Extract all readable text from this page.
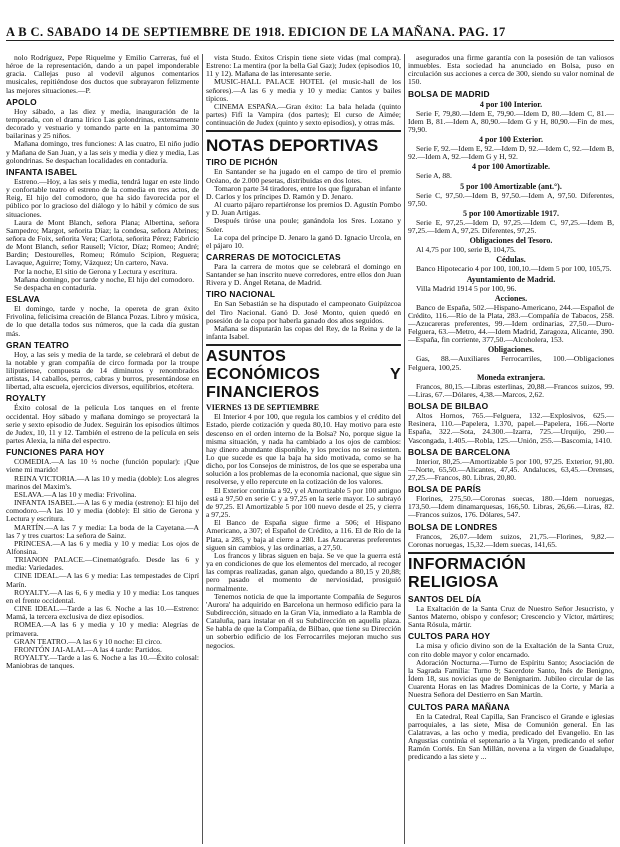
A B C. SABADO 14 DE SEPTIEMBRE DE 1918. EDICION DE LA MAÑANA. PAG. 17

nolo Rodríguez, Pepe Riquelme y Emilio Carreras, fué el héroe de la representación, dando a un papel imponderable gracia. Callejas puso al vodevil algunos comentarios musicales, repitiéndose dos ductos que subrayaron felizmente las mejores situaciones.—P.

APOLO

Hoy sábado, a las diez y media, inauguración de la temporada, con el drama lírico Las golondrinas, extensamente decorado y vestuario y tomando parte en la pantomima 30 bailarinas y 25 niños.

Mañana domingo, tres funciones: A las cuatro, El niño judío y Mañana de San Juan, y a las seis y media y diez y media, Las golondrinas. Se despachan localidades en contaduría.

INFANTA ISABEL

Estreno.—Hoy, a las seis y media, tendrá lugar en este lindo y confortable teatro el estreno de la comedia en tres actos, de Reig, El hijo del comodoro, que ha sido favorecida por el público por lo gracioso del diálogo y lo hábil y cómico de sus situaciones.

Laura de Mont Blanch, señora Plana; Albertina, señora Sampedro; Margot, señorita Díaz; la condesa, señora Abrines; señora de Foix, señorita Vera; Carlota, señorita Pérez; Fabricio de Mont Blanch, señor Rausell; Víctor, Díaz; Romeo; André; Bardin; Destourelles, Romeu; Rómulo Scipion, Reguera; Lavaque, Aguirre; Tomy, Vázquez; Un cartero, Nava.

Por la noche, El sitio de Gerona y Lectura y escritura.

Mañana domingo, por tarde y noche, El hijo del comodoro.

Se despacha en contaduría.

ESLAVA

El domingo, tarde y noche, la opereta de gran éxito Frivolina, felicísima creación de Blanca Pozas. Libro y música, de lo que detalla todos sus números, que la cada día gustan más.

GRAN TEATRO

Hoy, a las seis y media de la tarde, se celebrará el debut de la notable y gran compañía de circo formada por la troupe liliputiense, compuesta de 14 diminutos y renombrados artistas, 14 caballos, perros, cabras y burros, presentándose en libertad, alta escuela, ejercicios diversos, equilibrios, etcétera.

ROYALTY

Éxito colosal de la película Los tanques en el frente occidental. Hoy sábado y mañana domingo se proyectará la serie y sexto episodio de Judex. Seguirán los episodios últimos de Judex, 10, 11 y 12. También el estreno de la película en seis partes Alexia, la niña del espectro.

FUNCIONES PARA HOY

COMEDIA.—A las 10 ½ noche (función popular): ¡Que viene mi marido!

REINA VICTORIA.—A las 10 y media (doble): Los alegres marinos del Maxim's.

ESLAVA.—A las 10 y media: Frivolina.

INFANTA ISABEL.—A las 6 y media (estreno): El hijo del comodoro.—A las 10 y media (doble): El sitio de Gerona y Lectura y escritura.

MARTÍN.—A las 7 y media: La boda de la Cayetana.—A las 7 y tres cuartos: La señora de Sainz.

PRINCESA.—A las 6 y media y 10 y media: Los ojos de Alfonsina.

TRIANON PALACE.—Cinematógrafo. Desde las 6 y media: Variedades.

CINE IDEAL.—A las 6 y media: Las tempestades de Ciprí Marín.

ROYALTY.—A las 6, 6 y media y 10 y media: Los tanques en el frente occidental.

CINE IDEAL.—Tarde a las 6. Noche a las 10.—Estreno: Mamá, la tercera exclusiva de diez episodios.

ROMEA.—A las 6 y media y 10 y media: Alegrías de primavera.

GRAN TEATRO.—A las 6 y 10 noche: El circo.

FRONTÓN JAI-ALAI.—A las 4 tarde: Partidos.

ROYALTY.—Tarde a las 6. Noche a las 10.—Éxito colosal: Maniobras de tanques.

vista Studo. Éxitos Crispin tiene siete vidas (mal compra). Estreno: La mentira (por la bella Gal Gaz); Judex (episodios 10, 11 y 12). Mañana de las interesante serie.

MUSIC-HALL PALACE HOTEL (el music-hall de los señores).—A las 6 y media y 10 y media: Cantos y bailes típicos.

CINEMA ESPAÑA.—Gran éxito: La bala helada (quinto partes) Fifí la Vampira (dos partes); El curso de Aimée; continuación de Judex (quinto y sexto episodios), y otras más.

NOTAS DEPORTIVAS
TIRO DE PICHÓN

En Santander se ha jugado en el campo de tiro el premio Océano, de 2.000 pesetas, distribuidas en dos lotes.

Tomaron parte 34 tiradores, entre los que figuraban el infante D. Carlos y los príncipes D. Ramón y D. Jenaro.

Al cuarto pájaro repartiéronse los premios D. Agustín Pombo y D. Juan Artigas.

Después tiróse una poule; ganándola los Sres. Lozano y Soler.

La copa del príncipe D. Jenaro la ganó D. Ignacio Urcola, en el pájaro 10.

CARRERAS DE MOTOCICLETAS

Para la carrera de motos que se celebrará el domingo en Santander se han inscrito nueve corredores, entre ellos don Juan Rivera y D. Ángel Retana, de Madrid.

TIRO NACIONAL

En San Sebastián se ha disputado el campeonato Guipúzcoa del Tiro Nacional. Ganó D. José Monto, quien quedó en posesión de la copa por haberla ganado dos años seguidos.

Mañana se disputarán las copas del Rey, de la Reina y de la infanta Isabel.

ASUNTOS ECONÓMICOS Y FINANCIEROS
VIERNES 13 DE SEPTIEMBRE

El Interior 4 por 100, que regula los cambios y el crédito del Estado, pierde cotización y queda 80,10. Hay motivo para este descenso en el orden interno de la Bolsa? No, porque sigue la misma situación, y nada ha cambiado a los ojos de cambios: hay dinero abundante disponible, y los precios no se resienten. Lo que sucede es que la baja ha sido motivada, como se ha dicho, por los Consejos de ministros, de los que se esperaba una solución a los problemas de la economía nacional, que sigue sin resolverse, y ello repercute en la cotización de los valores.

El Exterior continúa a 92, y el Amortizable 5 por 100 antiguo está a 97,50 en serie C y a 97,25 en la serie mayor. Lo subrayó de 97,25. El Amortizable 5 por 100 nuevo desde el 25, y cierra a 97,25.

El Banco de España sigue firme a 506; el Hispano Americano, a 307; el Español de Crédito, a 116. El de Río de la Plata, a 285, y baja al cierre a 280. Las Azucareras preferentes siguen sin cambios, y las ordinarias, a 27,50.

Los francos y libras siguen en baja. Se ve que la guerra está ya en condiciones de que los elementos del mercado, al recoger las compras realizadas, ganan algo, quedando a 80,15 y 20,88; pero pasado el momento de nerviosidad, prosiguió normalmente.

Tenemos noticia de que la importante Compañía de Seguros 'Aurora' ha adquirido en Barcelona un hermoso edificio para la Subdirección, situado en la Gran Vía, inmediato a la Rambla de Cataluña, para instalar en él su Subdirección en aquella plaza. Se habla de que la Compañía, de Bilbao, que tiene su Dirección un soberbio edificio de los Ferrocarriles mejoran mucho sus negocios.

asegurados una firme garantía con la posesión de tan valiosos inmuebles. Esta sociedad ha anunciado en Bolsa, puso en circulación sus acciones a cerca de 300, siendo su valor nominal de 150.

BOLSA DE MADRID
4 por 100 Interior.

Serie F, 79,80.—Idem E, 79,90.—Idem D, 80.—Idem C, 81.—Idem B, 81.—Idem A, 80,90.—Idem G y H, 80,90.—Fin de mes, 79,90.

4 por 100 Exterior.

Serie F, 92.—Idem E, 92.—Idem D, 92.—Idem C, 92.—Idem B, 92.—Idem A, 92.—Idem G y H, 92.

4 por 100 Amortizable.

Serie A, 88.

5 por 100 Amortizable (ant.°).

Serie C, 97,50.—Idem B, 97,50.—Idem A, 97,50. Diferentes, 97,50.

5 por 100 Amortizable 1917.

Serie E, 97,25.—Idem D, 97,25.—Idem C, 97,25.—Idem B, 97,25.—Idem A, 97,25. Diferentes, 97,25.

Obligaciones del Tesoro.

Al 4,75 por 100, serie B, 104,75.

Cédulas.

Banco Hipotecario 4 por 100, 100,10.—Idem 5 por 100, 105,75.

Ayuntamiento de Madrid.

Villa Madrid 1914 5 por 100, 96.

Acciones.

Banco de España, 502.—Hispano-Americano, 244.—Español de Crédito, 116.—Río de la Plata, 283.—Compañía de Tabacos, 258.—Azucareras preferentes, 99.—Idem ordinarias, 27,50.—Duro-Felguera, 63.—Metro, 44.—Idem Madrid, Zaragoza, Alicante, 390.—España, fin corriente, 377,50.—Alcoholera, 153.

Obligaciones.

Gas, 88.—Auxiliares Ferrocarriles, 100.—Obligaciones Felguera, 100,25.

Moneda extranjera.

Francos, 80,15.—Libras esterlinas, 20,88.—Francos suizos, 99.—Liras, 67.—Dólares, 4,38.—Marcos, 2,62.

BOLSA DE BILBAO

Altos Hornos, 765.—Felguera, 132.—Explosivos, 625.—Resinera, 110.—Papelera, 1.370, papel.—Papelera, 166.—Norte España, 322.—Sota, 24.300.—Izarra, 725.—Urquijo, 290.—Vascongada, 1.405.—Robla, 125.—Unión, 255.—Bascomia, 1410.

BOLSA DE BARCELONA

Interior, 80,25.—Amortizable 5 por 100, 97,25. Exterior, 91,80.—Norte, 65,50.—Alicantes, 47,45. Andaluces, 63,45.—Orenses, 27,25.—Francos, 80. Libras, 20,80.

BOLSA DE PARÍS

Florines, 275,50.—Coronas suecas, 180.—Idem noruegas, 173,50.—Idem dinamarquesas, 166,50. Libras, 26,66.—Liras, 82.—Francos suizos, 176. Dólares, 547.

BOLSA DE LONDRES

Francos, 26,07.—Idem suizos, 21,75.—Florines, 9,82.—Coronas noruegas, 15,32.—Idem suecas, 141,65.

INFORMACIÓN RELIGIOSA
SANTOS DEL DÍA

La Exaltación de la Santa Cruz de Nuestro Señor Jesucristo, y Santos Materno, obispo y confesor; Crescencio y Víctor, mártires; Santa Rósula, mártir.

CULTOS PARA HOY

La misa y oficio divino son de la Exaltación de la Santa Cruz, con rito doble mayor y color encarnado.

Adoración Nocturna.—Turno de Espíritu Santo; Asociación de la Sagrada Familia: Turno 9; Sacerdote Santo, Inés de Benigno, Ídem 18, sus novicias que de Benignarim. Jubileo circular de las Cuarenta Horas en las Madres Dominicas de la Corte, y María a Nuestra Señora del Destierro en San Martín.

CULTOS PARA MAÑANA

En la Catedral, Real Capilla, San Francisco el Grande e iglesias parroquiales, a las siete, Misa de Comunión general. En las Calatravas, a las ocho y media, predicado del Evangelio. En las Angustias continúa el septenario a la Virgen, predicando el señor Ramón Cortés. En San Millán, novena a la virgen de Guadalupe, predicando a las siete y ...
